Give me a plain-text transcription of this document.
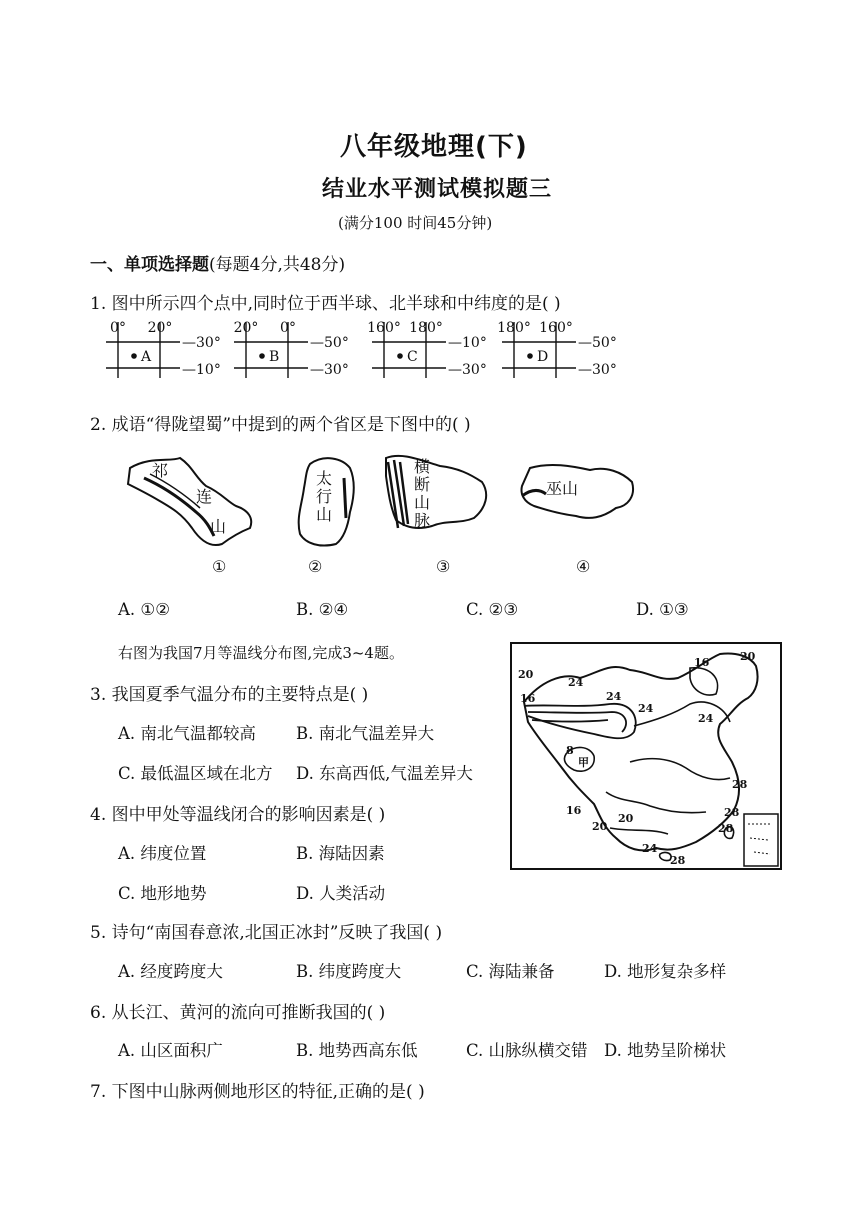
八年级地理(下)
结业水平测试模拟题三
(满分100 时间45分钟)
一、单项选择题(每题4分,共48分)
1. 图中所示四个点中,同时位于西半球、北半球和中纬度的是( )
0° 20°
—30°
—10°
A
20° 0°
—50°
—30°
B
160° 180°
—10°
—30°
C
180° 160°
—50°
—30°
D
2. 成语“得陇望蜀”中提到的两个省区是下图中的( )
祁
连
山
①
太
行
山
②
横
断
山
脉
③
巫山
④
A. ①②	B. ②④	C. ②③	D. ①③
右图为我国7月等温线分布图,完成3~4题。
20
16	20
24
24
16
24
8
甲
24
28
16
20
20
24
28
28
28
3. 我国夏季气温分布的主要特点是( )
A. 南北气温都较高 B. 南北气温差异大
C. 最低温区域在北方 D. 东高西低,气温差异大
4. 图中甲处等温线闭合的影响因素是( )
A. 纬度位置	B. 海陆因素
C. 地形地势	D. 人类活动
5. 诗句“南国春意浓,北国正冰封”反映了我国( )
A. 经度跨度大	B. 纬度跨度大	C. 海陆兼备	D. 地形复杂多样
6. 从长江、黄河的流向可推断我国的( )
A. 山区面积广	B. 地势西高东低	C. 山脉纵横交错 D. 地势呈阶梯状
7. 下图中山脉两侧地形区的特征,正确的是( )
